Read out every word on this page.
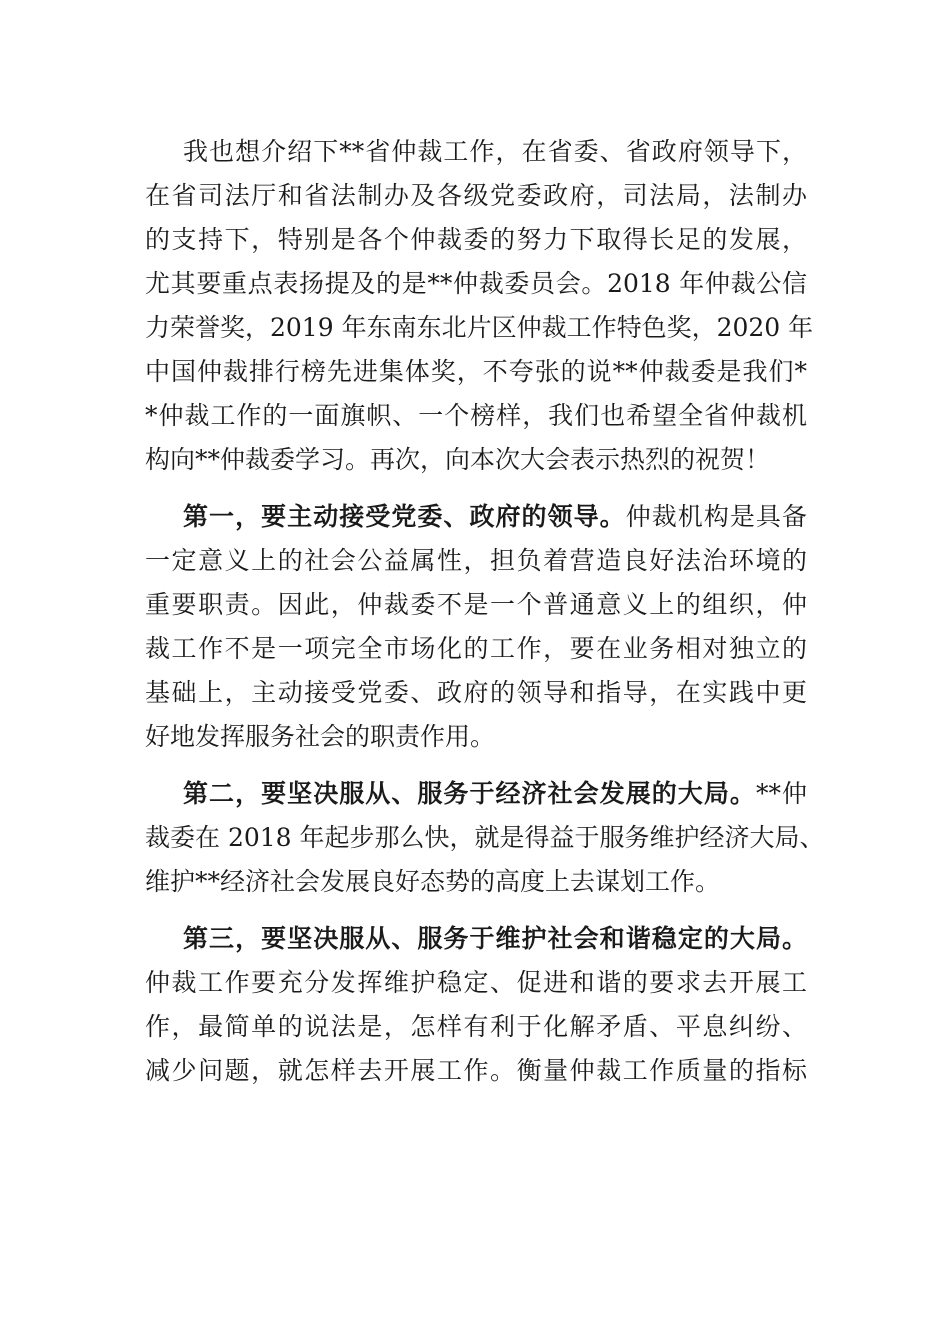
我也想介绍下**省仲裁工作，在省委、省政府领导下，
在省司法厅和省法制办及各级党委政府，司法局，法制办
的支持下，特别是各个仲裁委的努力下取得长足的发展，
尤其要重点表扬提及的是**仲裁委员会。2018 年仲裁公信
力荣誉奖，2019 年东南东北片区仲裁工作特色奖，2020 年
中国仲裁排行榜先进集体奖，不夸张的说**仲裁委是我们*
*仲裁工作的一面旗帜、一个榜样，我们也希望全省仲裁机
构向**仲裁委学习。再次，向本次大会表示热烈的祝贺！
第一，要主动接受党委、政府的领导。仲裁机构是具备
一定意义上的社会公益属性，担负着营造良好法治环境的
重要职责。因此，仲裁委不是一个普通意义上的组织，仲
裁工作不是一项完全市场化的工作，要在业务相对独立的
基础上，主动接受党委、政府的领导和指导，在实践中更
好地发挥服务社会的职责作用。
第二，要坚决服从、服务于经济社会发展的大局。**仲
裁委在 2018 年起步那么快，就是得益于服务维护经济大局、
维护**经济社会发展良好态势的高度上去谋划工作。
第三，要坚决服从、服务于维护社会和谐稳定的大局。
仲裁工作要充分发挥维护稳定、促进和谐的要求去开展工
作，最简单的说法是，怎样有利于化解矛盾、平息纠纷、
减少问题，就怎样去开展工作。衡量仲裁工作质量的指标
